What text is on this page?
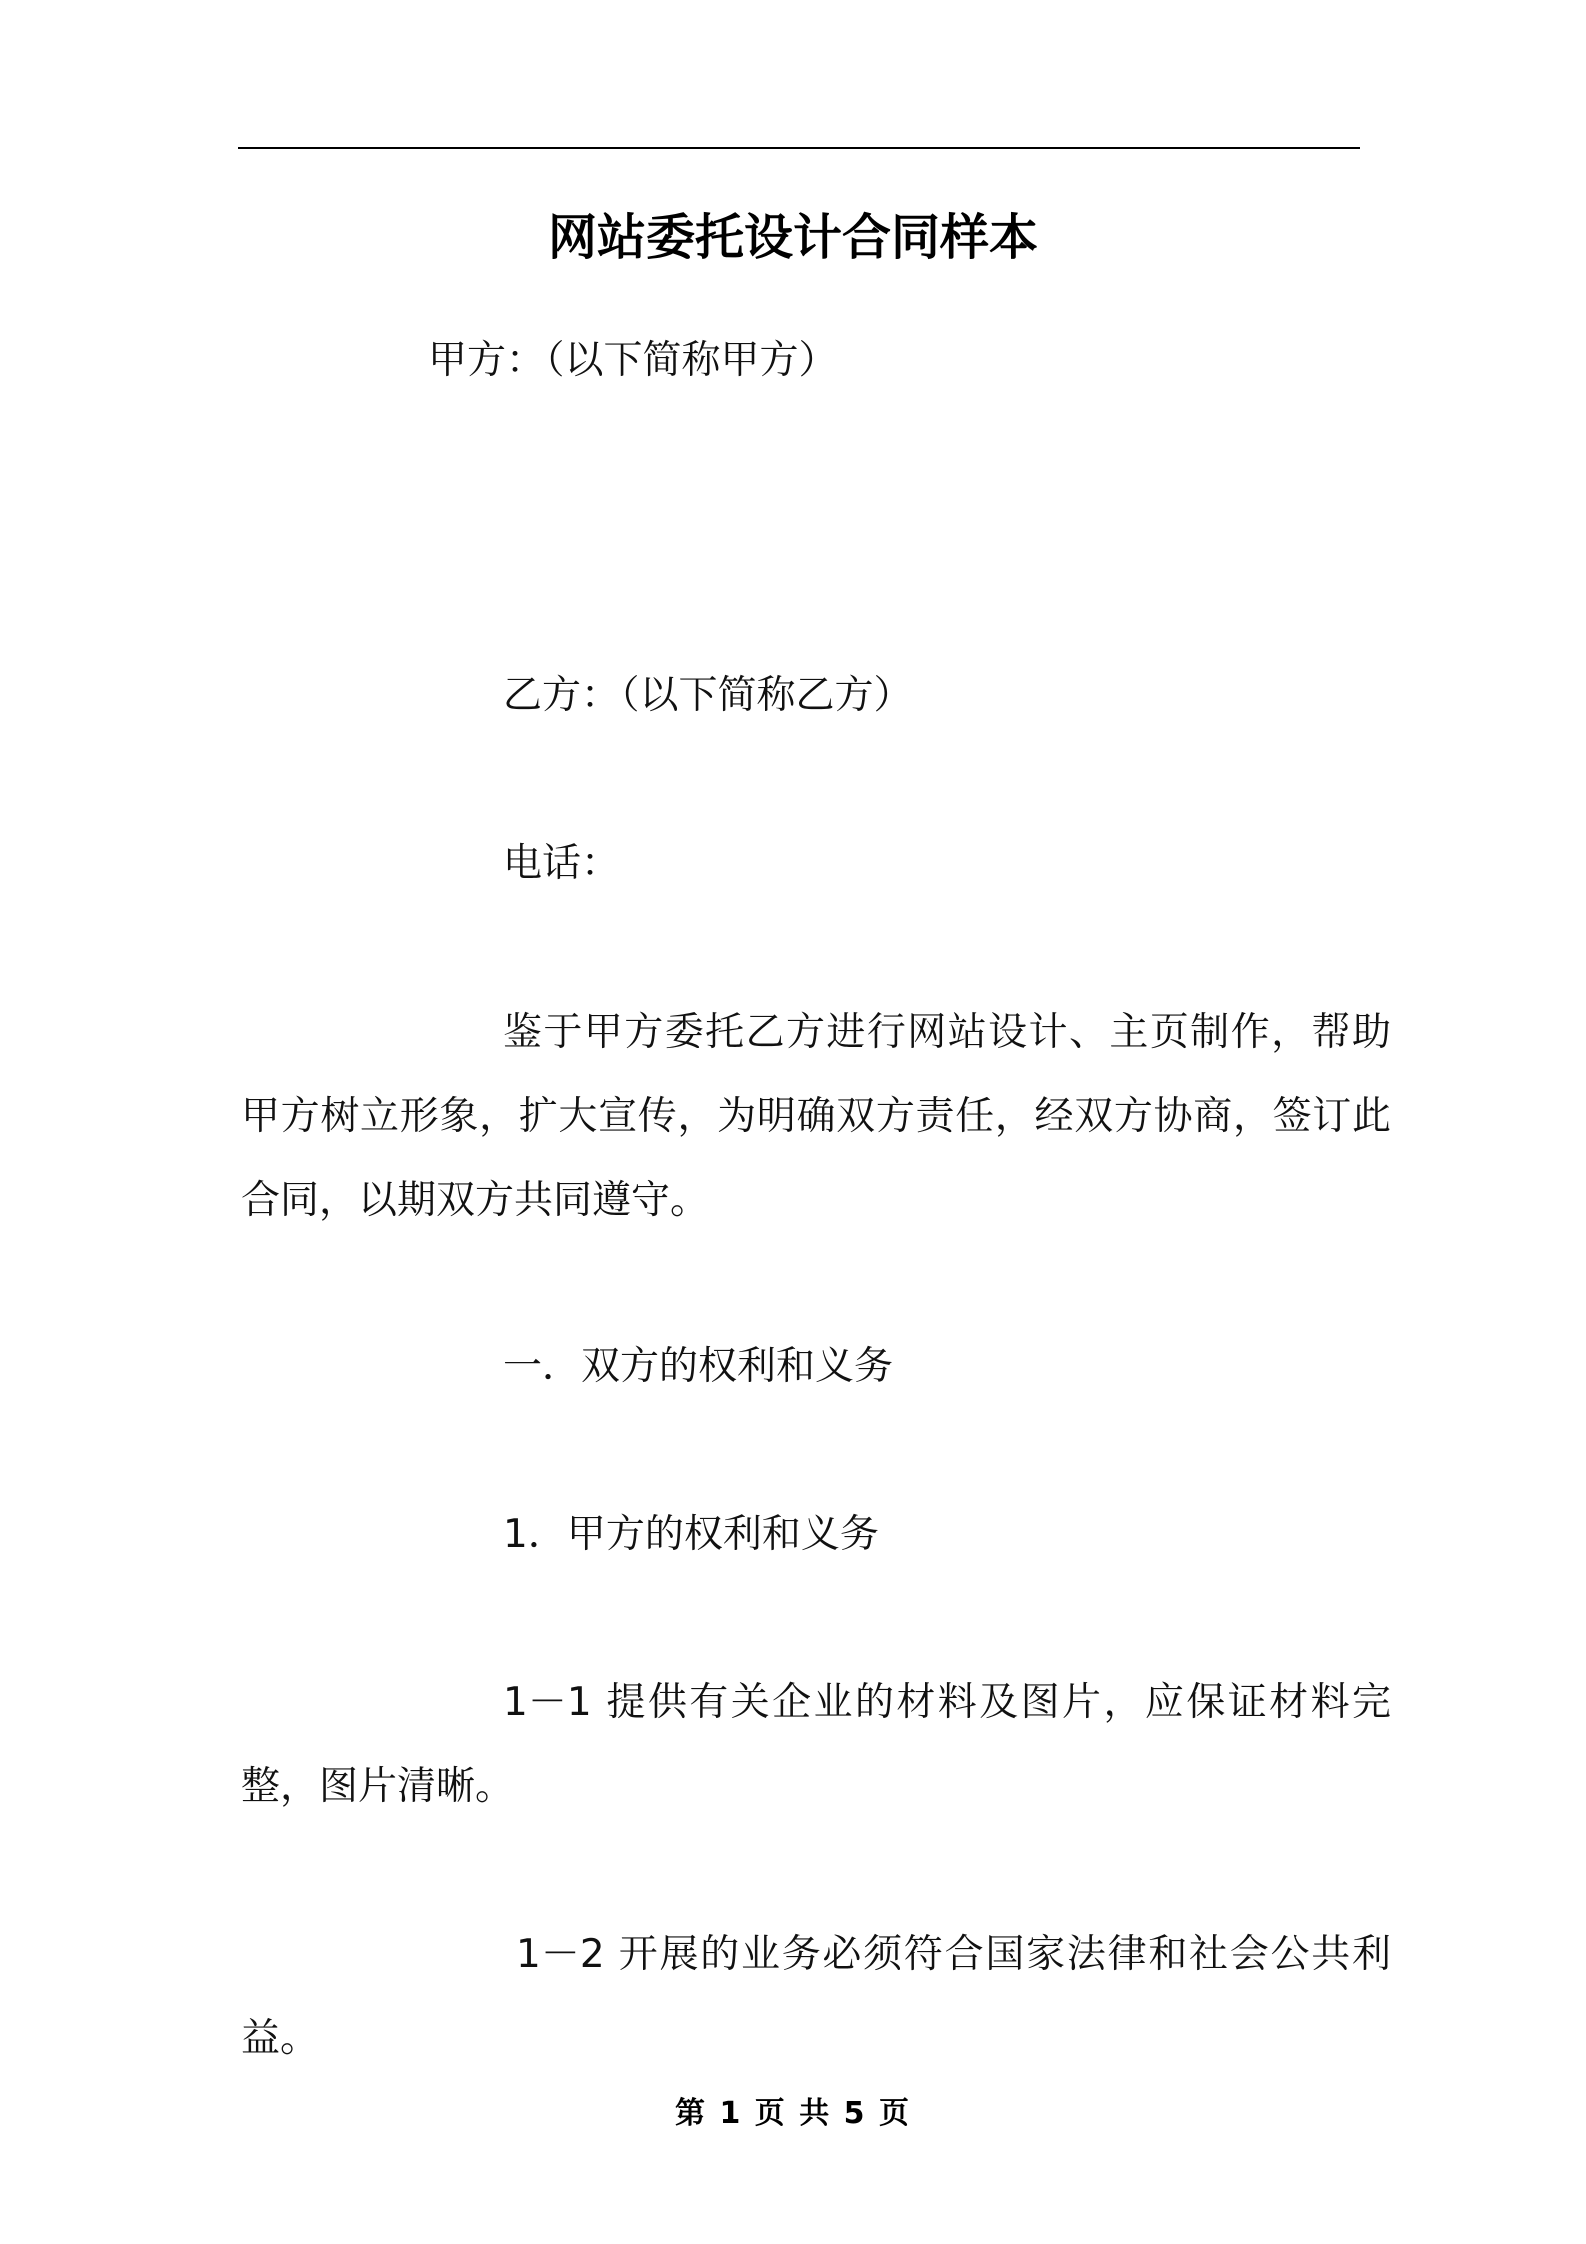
网站委托设计合同样本
甲方：（以下简称甲方）
乙方：（以下简称乙方）
电话：
鉴于甲方委托乙方进行网站设计、主页制作，帮助甲方树立形象，扩大宣传，为明确双方责任，经双方协商，签订此合同，以期双方共同遵守。
一．双方的权利和义务
1．甲方的权利和义务
1－1 提供有关企业的材料及图片，应保证材料完整，图片清晰。
1－2 开展的业务必须符合国家法律和社会公共利益。
第 1 页 共 5 页
